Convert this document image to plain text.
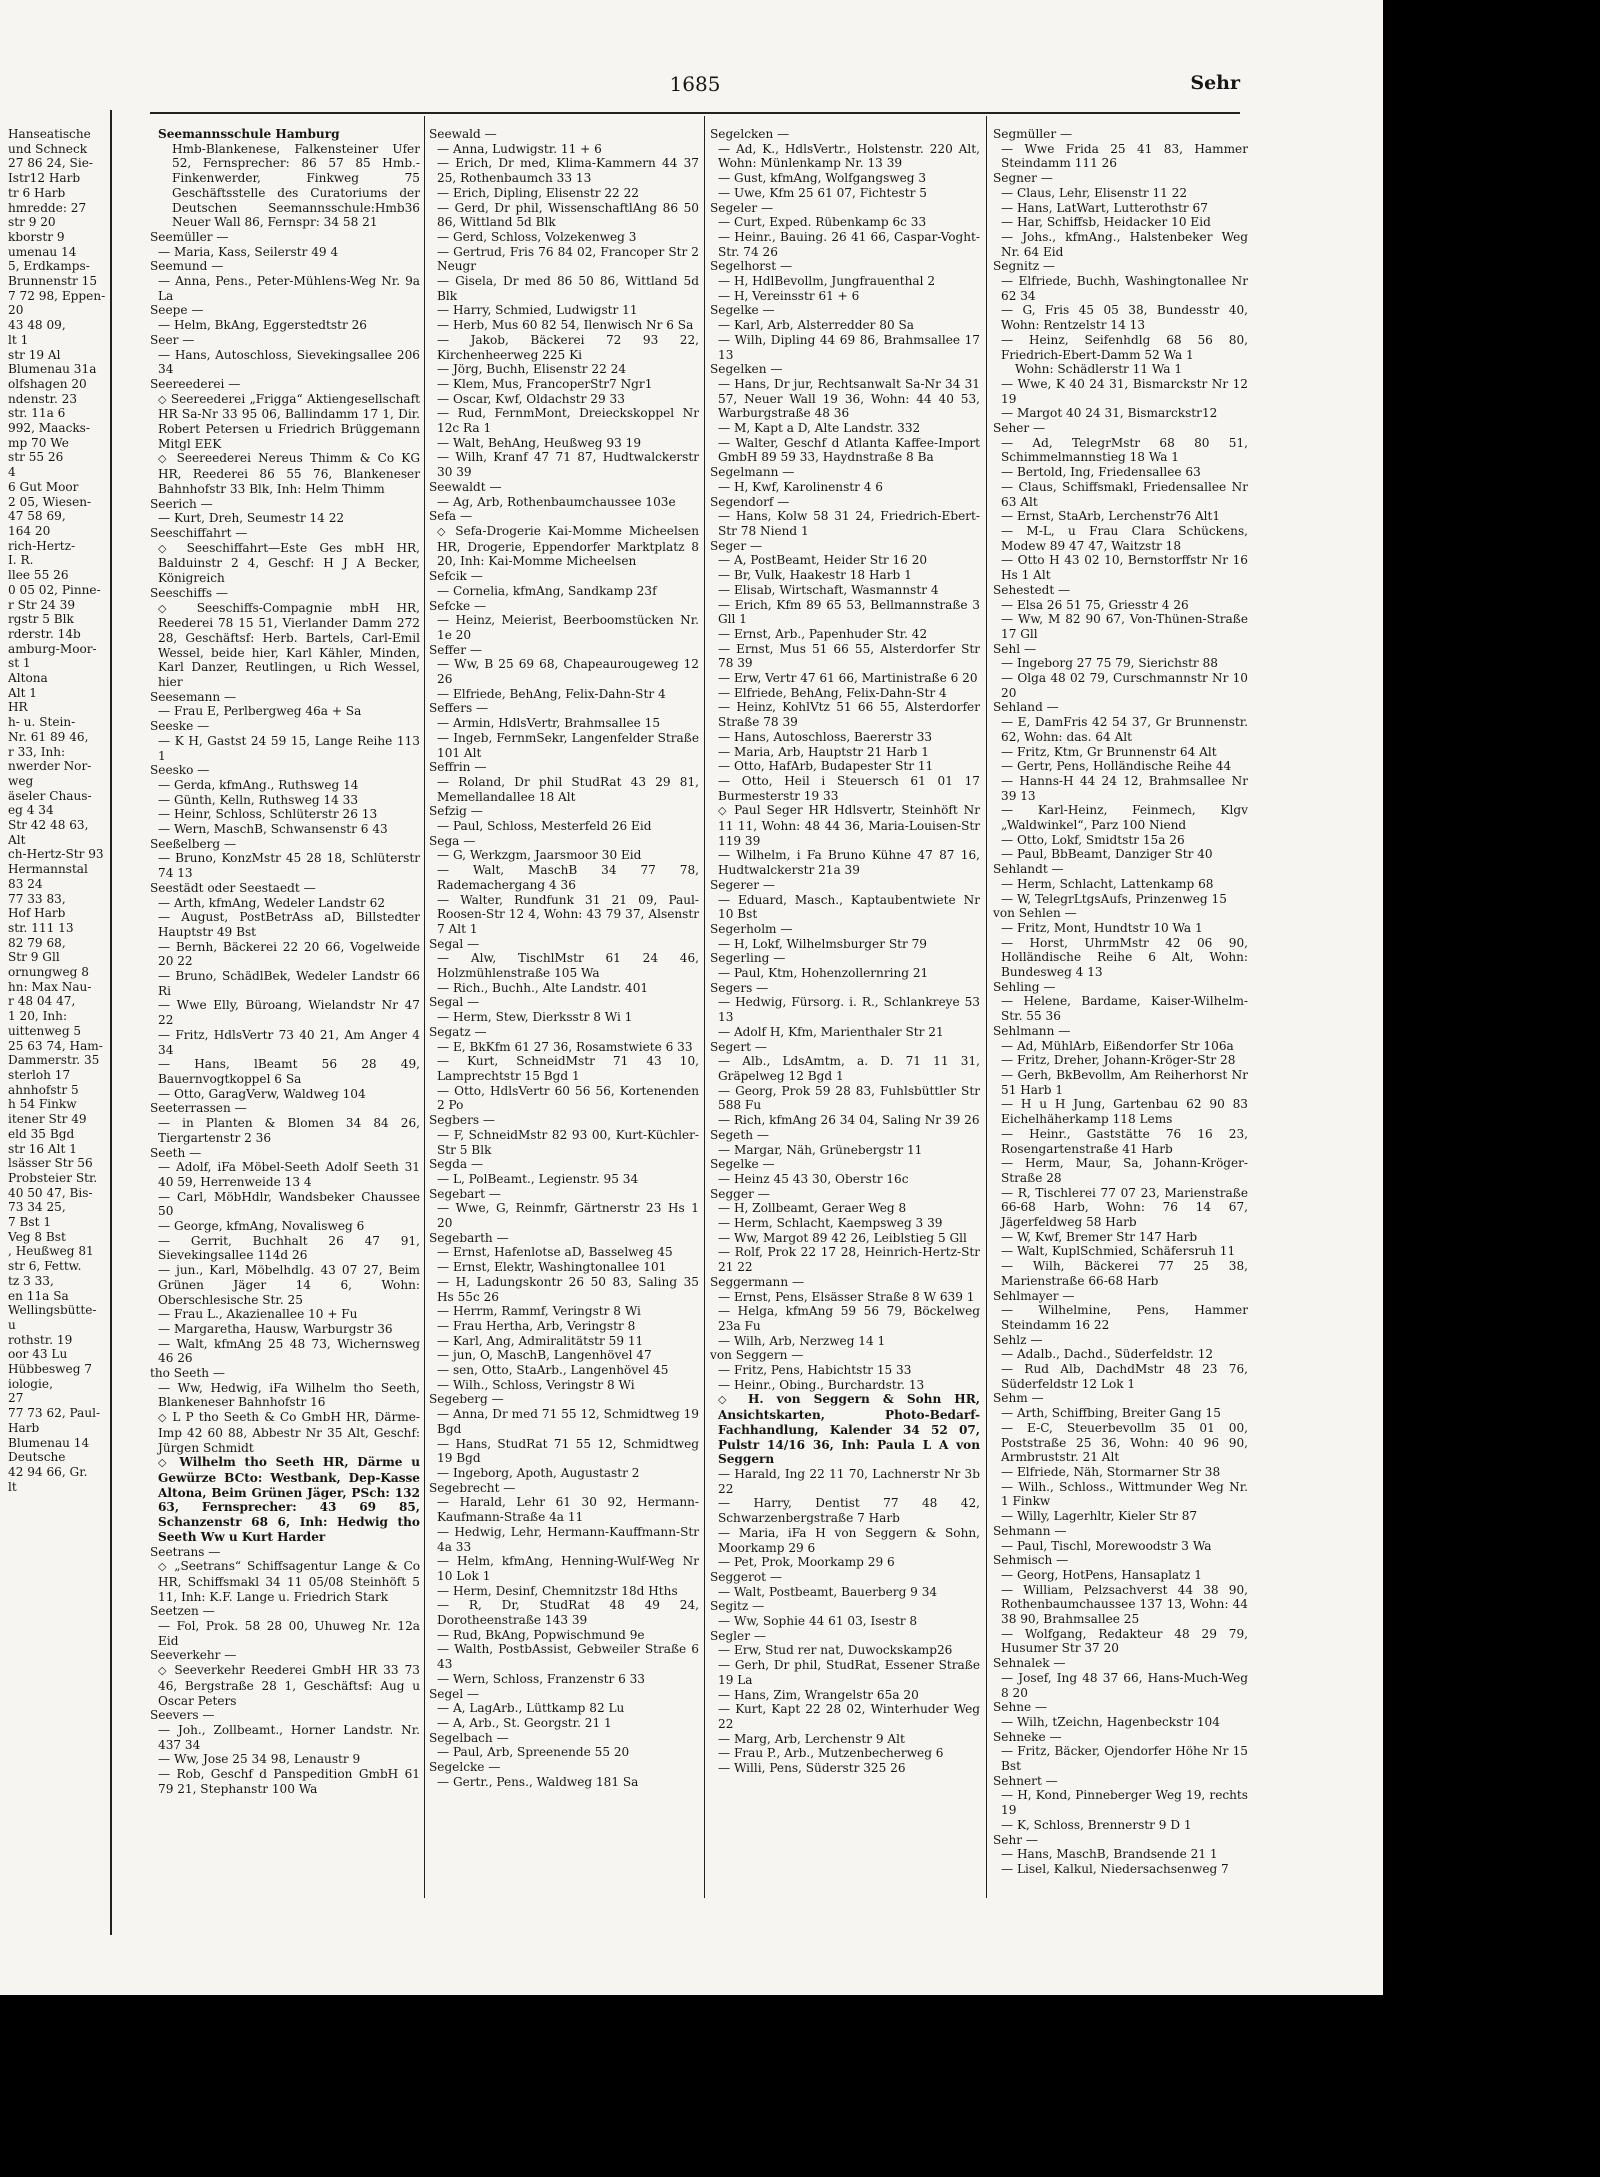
1685	Sehr
Hanseatische
und Schneck
27 86 24, Sie-
Istr12 Harb
tr 6 Harb
hmredde: 27
str 9 20
kborstr 9
umenau 14
5, Erdkamps-
Brunnenstr 15
7 72 98, Eppen-
20
43 48 09,
lt 1
str 19 Al
Blumenau 31a
olfshagen 20
ndenstr. 23
str. 11a 6
992, Maacks-
mp 70 We
str 55 26
4
6 Gut Moor
2 05, Wiesen-
47 58 69,
164 20
rich-Hertz-
I. R.
llee 55 26
0 05 02, Pinne-
r Str 24 39
rgstr 5 Blk
rderstr. 14b
amburg-Moor-
st 1
Altona
Alt 1
HR
h- u. Stein-
Nr. 61 89 46,
r 33, Inh:
nwerder Nor-
weg
äseler Chaus-
eg 4 34
Str 42 48 63,
Alt
ch-Hertz-Str 93
Hermannstal
83 24
77 33 83,
Hof Harb
str. 111 13
82 79 68,
Str 9 Gll
ornungweg 8
hn: Max Nau-
r 48 04 47,
1 20, Inh:
uittenweg 5
25 63 74, Ham-
Dammerstr. 35
sterloh 17
ahnhofstr 5
h 54 Finkw
itener Str 49
eld 35 Bgd
str 16 Alt 1
lsässer Str 56
Probsteier Str.
40 50 47, Bis-
73 34 25,
7 Bst 1
Veg 8 Bst
, Heußweg 81
str 6, Fettw.
tz 3 33,
en 11a Sa
Wellingsbütte-
u
rothstr. 19
oor 43 Lu
Hübbesweg 7
iologie,
27
77 73 62, Paul-
Harb
Blumenau 14
Deutsche
42 94 66, Gr.
lt
Seemannsschule Hamburg
Hmb-Blankenese, Falkensteiner Ufer 52, Fernsprecher: 86 57 85 Hmb.-Finkenwerder, Finkweg 75 Geschäftsstelle des Curatoriums der Deutschen Seemannsschule:Hmb36 Neuer Wall 86, Fernspr: 34 58 21
Seemüller —
— Maria, Kass, Seilerstr 49 4
Seemund —
— Anna, Pens., Peter-Mühlens-Weg Nr. 9a La
Seepe —
— Helm, BkAng, Eggerstedtstr 26
Seer —
— Hans, Autoschloss, Sievekingsallee 206 34
Seereederei —
◇ Seereederei „Frigga“ Aktiengesellschaft HR Sa-Nr 33 95 06, Ballindamm 17 1, Dir. Robert Petersen u Friedrich Brüggemann Mitgl EEK
◇ Seereederei Nereus Thimm & Co KG HR, Reederei 86 55 76, Blankeneser Bahnhofstr 33 Blk, Inh: Helm Thimm
Seerich —
— Kurt, Dreh, Seumestr 14 22
Seeschiffahrt —
◇ Seeschiffahrt—Este Ges mbH HR, Balduinstr 2 4, Geschf: H J A Becker, Königreich
Seeschiffs —
◇ Seeschiffs-Compagnie mbH HR, Reederei 78 15 51, Vierlander Damm 272 28, Geschäftsf: Herb. Bartels, Carl-Emil Wessel, beide hier, Karl Kähler, Minden, Karl Danzer, Reutlingen, u Rich Wessel, hier
Seesemann —
— Frau E, Perlbergweg 46a + Sa
Seeske —
— K H, Gastst 24 59 15, Lange Reihe 113 1
Seesko —
— Gerda, kfmAng., Ruthsweg 14
— Günth, Kelln, Ruthsweg 14 33
— Heinr, Schloss, Schlüterstr 26 13
— Wern, MaschB, Schwansenstr 6 43
Seeßelberg —
— Bruno, KonzMstr 45 28 18, Schlüterstr 74 13
Seestädt oder Seestaedt —
— Arth, kfmAng, Wedeler Landstr 62
— August, PostBetrAss aD, Billstedter Hauptstr 49 Bst
— Bernh, Bäckerei 22 20 66, Vogelweide 20 22
— Bruno, SchädlBek, Wedeler Landstr 66 Ri
— Wwe Elly, Büroang, Wielandstr Nr 47 22
— Fritz, HdlsVertr 73 40 21, Am Anger 4 34
— Hans, lBeamt 56 28 49, Bauernvogtkoppel 6 Sa
— Otto, GaragVerw, Waldweg 104
Seeterrassen —
— in Planten & Blomen 34 84 26, Tiergartenstr 2 36
Seeth —
— Adolf, iFa Möbel-Seeth Adolf Seeth 31 40 59, Herrenweide 13 4
— Carl, MöbHdlr, Wandsbeker Chaussee 50
— George, kfmAng, Novalisweg 6
— Gerrit, Buchhalt 26 47 91, Sievekingsallee 114d 26
— jun., Karl, Möbelhdlg. 43 07 27, Beim Grünen Jäger 14 6, Wohn: Oberschlesische Str. 25
— Frau L., Akazienallee 10 + Fu
— Margaretha, Hausw, Warburgstr 36
— Walt, kfmAng 25 48 73, Wichernsweg 46 26
tho Seeth —
— Ww, Hedwig, iFa Wilhelm tho Seeth, Blankeneser Bahnhofstr 16
◇ L P tho Seeth & Co GmbH HR, Därme-Imp 42 60 88, Abbestr Nr 35 Alt, Geschf: Jürgen Schmidt
◇ Wilhelm tho Seeth HR, Därme u Gewürze BCto: Westbank, Dep-Kasse Altona, Beim Grünen Jäger, PSch: 132 63, Fernsprecher: 43 69 85, Schanzenstr 68 6, Inh: Hedwig tho Seeth Ww u Kurt Harder
Seetrans —
◇ „Seetrans“ Schiffsagentur Lange & Co HR, Schiffsmakl 34 11 05/08 Steinhöft 5 11, Inh: K.F. Lange u. Friedrich Stark
Seetzen —
— Fol, Prok. 58 28 00, Uhuweg Nr. 12a Eid
Seeverkehr —
◇ Seeverkehr Reederei GmbH HR 33 73 46, Bergstraße 28 1, Geschäftsf: Aug u Oscar Peters
Seevers —
— Joh., Zollbeamt., Horner Landstr. Nr. 437 34
— Ww, Jose 25 34 98, Lenaustr 9
— Rob, Geschf d Panspedition GmbH 61 79 21, Stephanstr 100 Wa
Seewald —
— Anna, Ludwigstr. 11 + 6
— Erich, Dr med, Klima-Kammern 44 37 25, Rothenbaumch 33 13
— Erich, Dipling, Elisenstr 22 22
— Gerd, Dr phil, WissenschaftlAng 86 50 86, Wittland 5d Blk
— Gerd, Schloss, Volzekenweg 3
— Gertrud, Fris 76 84 02, Francoper Str 2 Neugr
— Gisela, Dr med 86 50 86, Wittland 5d Blk
— Harry, Schmied, Ludwigstr 11
— Herb, Mus 60 82 54, Ilenwisch Nr 6 Sa
— Jakob, Bäckerei 72 93 22, Kirchenheerweg 225 Ki
— Jörg, Buchh, Elisenstr 22 24
— Klem, Mus, FrancoperStr7 Ngr1
— Oscar, Kwf, Oldachstr 29 33
— Rud, FernmMont, Dreieckskoppel Nr 12c Ra 1
— Walt, BehAng, Heußweg 93 19
— Wilh, Kranf 47 71 87, Hudtwalckerstr 30 39
Seewaldt —
— Ag, Arb, Rothenbaumchaussee 103e
Sefa —
◇ Sefa-Drogerie Kai-Momme Micheelsen HR, Drogerie, Eppendorfer Marktplatz 8 20, Inh: Kai-Momme Micheelsen
Sefcik —
— Cornelia, kfmAng, Sandkamp 23f
Sefcke —
— Heinz, Meierist, Beerboomstücken Nr. 1e 20
Seffer —
— Ww, B 25 69 68, Chapeaurougeweg 12 26
— Elfriede, BehAng, Felix-Dahn-Str 4
Seffers —
— Armin, HdlsVertr, Brahmsallee 15
— Ingeb, FernmSekr, Langenfelder Straße 101 Alt
Seffrin —
— Roland, Dr phil StudRat 43 29 81, Memellandallee 18 Alt
Sefzig —
— Paul, Schloss, Mesterfeld 26 Eid
Sega —
— G, Werkzgm, Jaarsmoor 30 Eid
— Walt, MaschB 34 77 78, Rademachergang 4 36
— Walter, Rundfunk 31 21 09, Paul-Roosen-Str 12 4, Wohn: 43 79 37, Alsenstr 7 Alt 1
Segal —
— Alw, TischlMstr 61 24 46, Holzmühlenstraße 105 Wa
— Rich., Buchh., Alte Landstr. 401
Segal —
— Herm, Stew, Dierksstr 8 Wi 1
Segatz —
— E, BkKfm 61 27 36, Rosamstwiete 6 33
— Kurt, SchneidMstr 71 43 10, Lamprechtstr 15 Bgd 1
— Otto, HdlsVertr 60 56 56, Kortenenden 2 Po
Segbers —
— F, SchneidMstr 82 93 00, Kurt-Küchler-Str 5 Blk
Segda —
— L, PolBeamt., Legienstr. 95 34
Segebart —
— Wwe, G, Reinmfr, Gärtnerstr 23 Hs 1 20
Segebarth —
— Ernst, Hafenlotse aD, Basselweg 45
— Ernst, Elektr, Washingtonallee 101
— H, Ladungskontr 26 50 83, Saling 35 Hs 55c 26
— Herrm, Rammf, Veringstr 8 Wi
— Frau Hertha, Arb, Veringstr 8
— Karl, Ang, Admiralitätstr 59 11
— jun, O, MaschB, Langenhövel 47
— sen, Otto, StaArb., Langenhövel 45
— Wilh., Schloss, Veringstr 8 Wi
Segeberg —
— Anna, Dr med 71 55 12, Schmidtweg 19 Bgd
— Hans, StudRat 71 55 12, Schmidtweg 19 Bgd
— Ingeborg, Apoth, Augustastr 2
Segebrecht —
— Harald, Lehr 61 30 92, Hermann-Kaufmann-Straße 4a 11
— Hedwig, Lehr, Hermann-Kauffmann-Str 4a 33
— Helm, kfmAng, Henning-Wulf-Weg Nr 10 Lok 1
— Herm, Desinf, Chemnitzstr 18d Hths
— R, Dr, StudRat 48 49 24, Dorotheenstraße 143 39
— Rud, BkAng, Popwischmund 9e
— Walth, PostbAssist, Gebweiler Straße 6 43
— Wern, Schloss, Franzenstr 6 33
Segel —
— A, LagArb., Lüttkamp 82 Lu
— A, Arb., St. Georgstr. 21 1
Segelbach —
— Paul, Arb, Spreenende 55 20
Segelcke —
— Gertr., Pens., Waldweg 181 Sa
Segelcken —
— Ad, K., HdlsVertr., Holstenstr. 220 Alt, Wohn: Münlenkamp Nr. 13 39
— Gust, kfmAng, Wolfgangsweg 3
— Uwe, Kfm 25 61 07, Fichtestr 5
Segeler —
— Curt, Exped. Rübenkamp 6c 33
— Heinr., Bauing. 26 41 66, Caspar-Voght-Str. 74 26
Segelhorst —
— H, HdlBevollm, Jungfrauenthal 2
— H, Vereinsstr 61 + 6
Segelke —
— Karl, Arb, Alsterredder 80 Sa
— Wilh, Dipling 44 69 86, Brahmsallee 17 13
Segelken —
— Hans, Dr jur, Rechtsanwalt Sa-Nr 34 31 57, Neuer Wall 19 36, Wohn: 44 40 53, Warburgstraße 48 36
— M, Kapt a D, Alte Landstr. 332
— Walter, Geschf d Atlanta Kaffee-Import GmbH 89 59 33, Haydnstraße 8 Ba
Segelmann —
— H, Kwf, Karolinenstr 4 6
Segendorf —
— Hans, Kolw 58 31 24, Friedrich-Ebert-Str 78 Niend 1
Seger —
— A, PostBeamt, Heider Str 16 20
— Br, Vulk, Haakestr 18 Harb 1
— Elisab, Wirtschaft, Wasmannstr 4
— Erich, Kfm 89 65 53, Bellmannstraße 3 Gll 1
— Ernst, Arb., Papenhuder Str. 42
— Ernst, Mus 51 66 55, Alsterdorfer Str 78 39
— Erw, Vertr 47 61 66, Martinistraße 6 20
— Elfriede, BehAng, Felix-Dahn-Str 4
— Heinz, KohlVtz 51 66 55, Alsterdorfer Straße 78 39
— Hans, Autoschloss, Baererstr 33
— Maria, Arb, Hauptstr 21 Harb 1
— Otto, HafArb, Budapester Str 11
— Otto, Heil i Steuersch 61 01 17 Burmesterstr 19 33
◇ Paul Seger HR Hdlsvertr, Steinhöft Nr 11 11, Wohn: 48 44 36, Maria-Louisen-Str 119 39
— Wilhelm, i Fa Bruno Kühne 47 87 16, Hudtwalckerstr 21a 39
Segerer —
— Eduard, Masch., Kaptaubentwiete Nr 10 Bst
Segerholm —
— H, Lokf, Wilhelmsburger Str 79
Segerling —
— Paul, Ktm, Hohenzollernring 21
Segers —
— Hedwig, Fürsorg. i. R., Schlankreye 53 13
— Adolf H, Kfm, Marienthaler Str 21
Segert —
— Alb., LdsAmtm, a. D. 71 11 31, Gräpelweg 12 Bgd 1
— Georg, Prok 59 28 83, Fuhlsbüttler Str 588 Fu
— Rich, kfmAng 26 34 04, Saling Nr 39 26
Segeth —
— Margar, Näh, Grünebergstr 11
Segelke —
— Heinz 45 43 30, Oberstr 16c
Segger —
— H, Zollbeamt, Geraer Weg 8
— Herm, Schlacht, Kaempsweg 3 39
— Ww, Margot 89 42 26, Leiblstieg 5 Gll
— Rolf, Prok 22 17 28, Heinrich-Hertz-Str 21 22
Seggermann —
— Ernst, Pens, Elsässer Straße 8 W 639 1
— Helga, kfmAng 59 56 79, Böckelweg 23a Fu
— Wilh, Arb, Nerzweg 14 1
von Seggern —
— Fritz, Pens, Habichtstr 15 33
— Heinr., Obing., Burchardstr. 13
◇ H. von Seggern & Sohn HR, Ansichtskarten, Photo-Bedarf-Fachhandlung, Kalender 34 52 07, Pulstr 14/16 36, Inh: Paula L A von Seggern
— Harald, Ing 22 11 70, Lachnerstr Nr 3b 22
— Harry, Dentist 77 48 42, Schwarzenbergstraße 7 Harb
— Maria, iFa H von Seggern & Sohn, Moorkamp 29 6
— Pet, Prok, Moorkamp 29 6
Seggerot —
— Walt, Postbeamt, Bauerberg 9 34
Segitz —
— Ww, Sophie 44 61 03, Isestr 8
Segler —
— Erw, Stud rer nat, Duwockskamp26
— Gerh, Dr phil, StudRat, Essener Straße 19 La
— Hans, Zim, Wrangelstr 65a 20
— Kurt, Kapt 22 28 02, Winterhuder Weg 22
— Marg, Arb, Lerchenstr 9 Alt
— Frau P., Arb., Mutzenbecherweg 6
— Willi, Pens, Süderstr 325 26
Segmüller —
— Wwe Frida 25 41 83, Hammer Steindamm 111 26
Segner —
— Claus, Lehr, Elisenstr 11 22
— Hans, LatWart, Lutterothstr 67
— Har, Schiffsb, Heidacker 10 Eid
— Johs., kfmAng., Halstenbeker Weg Nr. 64 Eid
Segnitz —
— Elfriede, Buchh, Washingtonallee Nr 62 34
— G, Fris 45 05 38, Bundesstr 40, Wohn: Rentzelstr 14 13
— Heinz, Seifenhdlg 68 56 80, Friedrich-Ebert-Damm 52 Wa 1
Wohn: Schädlerstr 11 Wa 1
— Wwe, K 40 24 31, Bismarckstr Nr 12 19
— Margot 40 24 31, Bismarckstr12
Seher —
— Ad, TelegrMstr 68 80 51, Schimmelmannstieg 18 Wa 1
— Bertold, Ing, Friedensallee 63
— Claus, Schiffsmakl, Friedensallee Nr 63 Alt
— Ernst, StaArb, Lerchenstr76 Alt1
— M-L, u Frau Clara Schückens, Modew 89 47 47, Waitzstr 18
— Otto H 43 02 10, Bernstorffstr Nr 16 Hs 1 Alt
Sehestedt —
— Elsa 26 51 75, Griesstr 4 26
— Ww, M 82 90 67, Von-Thünen-Straße 17 Gll
Sehl —
— Ingeborg 27 75 79, Sierichstr 88
— Olga 48 02 79, Curschmannstr Nr 10 20
Sehland —
— E, DamFris 42 54 37, Gr Brunnenstr. 62, Wohn: das. 64 Alt
— Fritz, Ktm, Gr Brunnenstr 64 Alt
— Gertr, Pens, Holländische Reihe 44
— Hanns-H 44 24 12, Brahmsallee Nr 39 13
— Karl-Heinz, Feinmech, Klgv „Waldwinkel“, Parz 100 Niend
— Otto, Lokf, Smidtstr 15a 26
— Paul, BbBeamt, Danziger Str 40
Sehlandt —
— Herm, Schlacht, Lattenkamp 68
— W, TelegrLtgsAufs, Prinzenweg 15
von Sehlen —
— Fritz, Mont, Hundtstr 10 Wa 1
— Horst, UhrmMstr 42 06 90, Holländische Reihe 6 Alt, Wohn: Bundesweg 4 13
Sehling —
— Helene, Bardame, Kaiser-Wilhelm-Str. 55 36
Sehlmann —
— Ad, MühlArb, Eißendorfer Str 106a
— Fritz, Dreher, Johann-Kröger-Str 28
— Gerh, BkBevollm, Am Reiherhorst Nr 51 Harb 1
— H u H Jung, Gartenbau 62 90 83 Eichelhäherkamp 118 Lems
— Heinr., Gaststätte 76 16 23, Rosengartenstraße 41 Harb
— Herm, Maur, Sa, Johann-Kröger-Straße 28
— R, Tischlerei 77 07 23, Marienstraße 66-68 Harb, Wohn: 76 14 67, Jägerfeldweg 58 Harb
— W, Kwf, Bremer Str 147 Harb
— Walt, KuplSchmied, Schäfersruh 11
— Wilh, Bäckerei 77 25 38, Marienstraße 66-68 Harb
Sehlmayer —
— Wilhelmine, Pens, Hammer Steindamm 16 22
Sehlz —
— Adalb., Dachd., Süderfeldstr. 12
— Rud Alb, DachdMstr 48 23 76, Süderfeldstr 12 Lok 1
Sehm —
— Arth, Schiffbing, Breiter Gang 15
— E-C, Steuerbevollm 35 01 00, Poststraße 25 36, Wohn: 40 96 90, Armbruststr. 21 Alt
— Elfriede, Näh, Stormarner Str 38
— Wilh., Schloss., Wittmunder Weg Nr. 1 Finkw
— Willy, Lagerhltr, Kieler Str 87
Sehmann —
— Paul, Tischl, Morewoodstr 3 Wa
Sehmisch —
— Georg, HotPens, Hansaplatz 1
— William, Pelzsachverst 44 38 90, Rothenbaumchaussee 137 13, Wohn: 44 38 90, Brahmsallee 25
— Wolfgang, Redakteur 48 29 79, Husumer Str 37 20
Sehnalek —
— Josef, Ing 48 37 66, Hans-Much-Weg 8 20
Sehne —
— Wilh, tZeichn, Hagenbeckstr 104
Sehneke —
— Fritz, Bäcker, Ojendorfer Höhe Nr 15 Bst
Sehnert —
— H, Kond, Pinneberger Weg 19, rechts 19
— K, Schloss, Brennerstr 9 D 1
Sehr —
— Hans, MaschB, Brandsende 21 1
— Lisel, Kalkul, Niedersachsenweg 7
